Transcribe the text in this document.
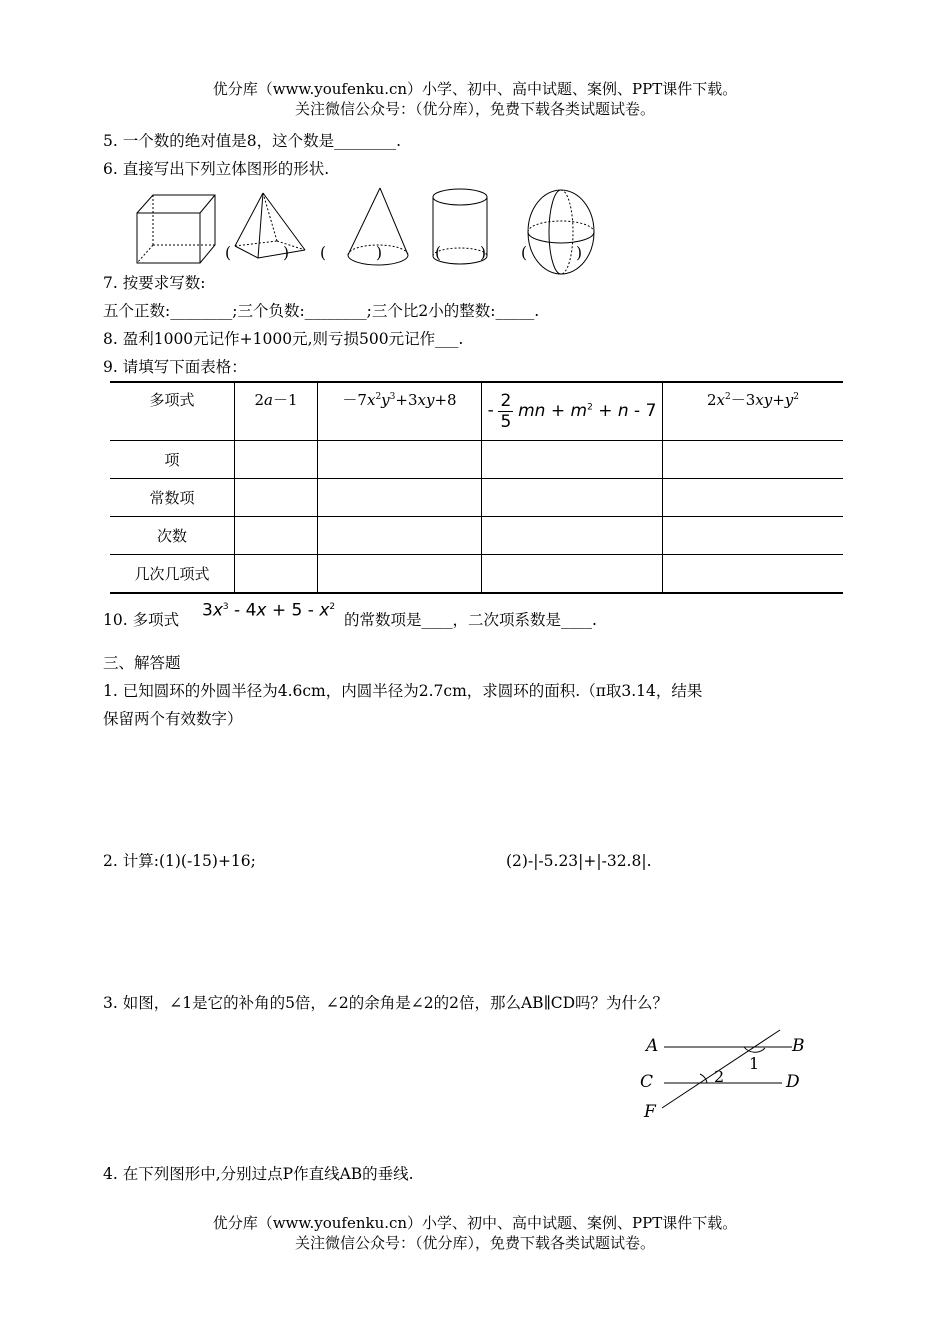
优分库（www.youfenku.cn）小学、初中、高中试题、案例、PPT课件下载。
关注微信公众号：（优分库），免费下载各类试题试卷。
5. 一个数的绝对值是8，这个数是________.
6. 直接写出下列立体图形的形状.
(	) (	)	(	) (	)
7. 按要求写数:
五个正数:________;三个负数:________;三个比2小的整数:_____.
8. 盈利1000元记作+1000元,则亏损500元记作___.
9. 请填写下面表格：
多项式	2a－1	$-7x^2y^3+3xy+8$	- $\frac{2}{5}$ mn + $m^2 + n - 7$	$2x^2-3xy+y^2$

项				
常数项				
次数				
几次几项式				
10. 多项式 $3x^3 - 4x + 5 - x^2$
的常数项是____，二次项系数是____.
三、解答题
1. 已知圆环的外圆半径为4.6cm，内圆半径为2.7cm，求圆环的面积.（π取3.14，结果
保留两个有效数字）
2. 计算:(1)(-15)+16;	(2)-|-5.23|+|-32.8|.
3. 如图，∠1是它的补角的5倍，∠2的余角是∠2的2倍，那么AB∥CD吗？为什么？
A	B
C	D
F
1
2
4. 在下列图形中,分别过点P作直线AB的垂线.
优分库（www.youfenku.cn）小学、初中、高中试题、案例、PPT课件下载。
关注微信公众号：（优分库），免费下载各类试题试卷。
